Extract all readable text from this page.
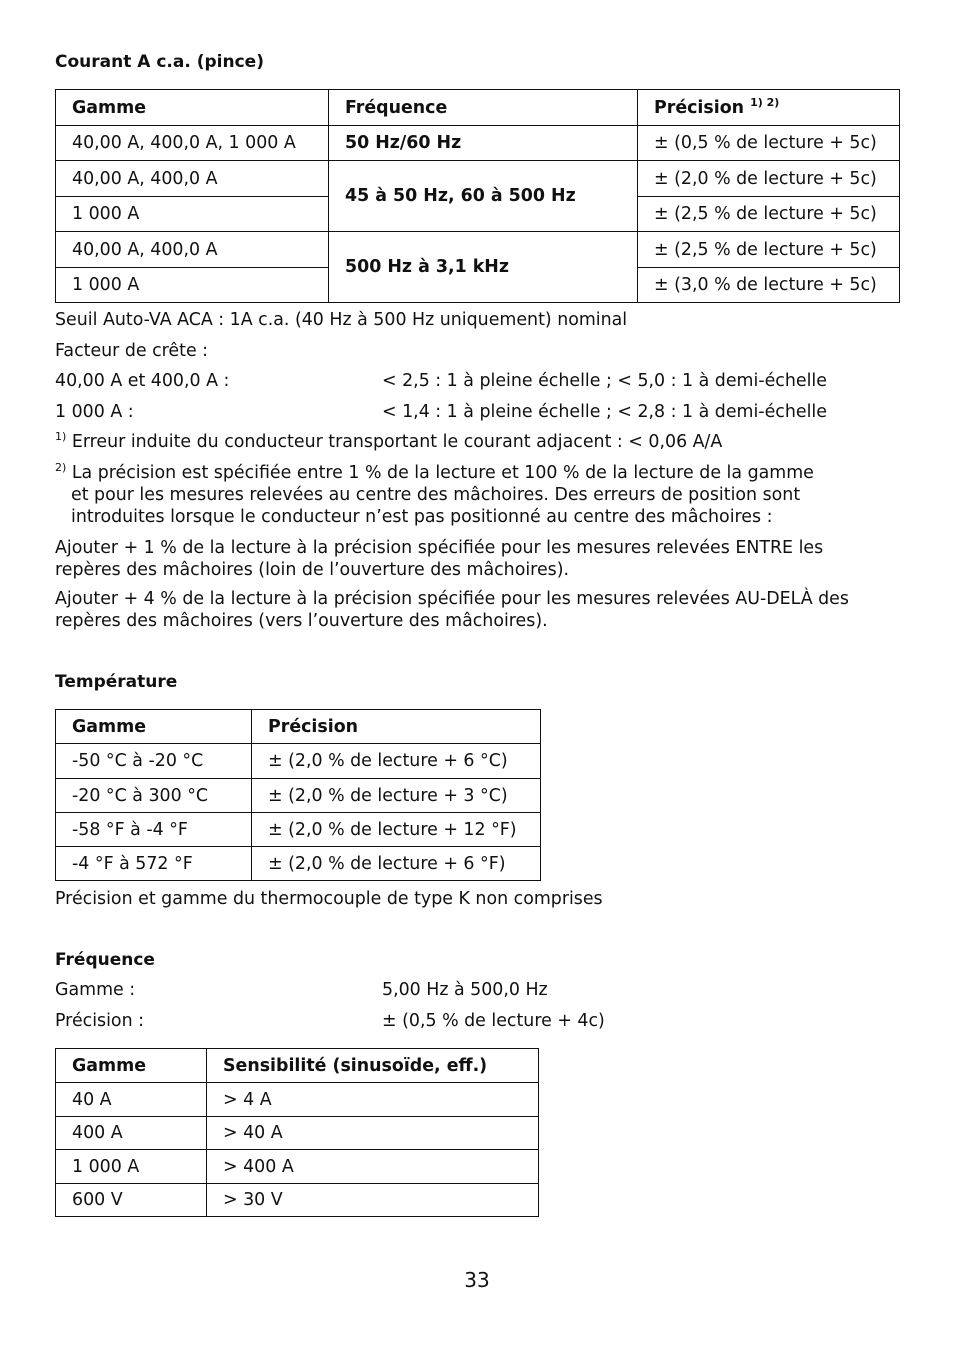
Courant A c.a. (pince)
Gamme	Fréquence	Précision $^{1) 2)}$
40,00 A, 400,0 A, 1 000 A	50 Hz/60 Hz	± (0,5 % de lecture + 5c)
40,00 A, 400,0 A	45 à 50 Hz, 60 à 500 Hz	± (2,0 % de lecture + 5c)
1 000 A		± (2,5 % de lecture + 5c)
40,00 A, 400,0 A	500 Hz à 3,1 kHz	± (2,5 % de lecture + 5c)
1 000 A		± (3,0 % de lecture + 5c)
Seuil Auto-VA ACA : 1A c.a. (40 Hz à 500 Hz uniquement) nominal
Facteur de crête :
40,00 A et 400,0 A :	< 2,5 : 1 à pleine échelle ; < 5,0 : 1 à demi-échelle
1 000 A :	< 1,4 : 1 à pleine échelle ; < 2,8 : 1 à demi-échelle
$^{1)}$ Erreur induite du conducteur transportant le courant adjacent : < 0,06 A/A
$^{2)}$ La précision est spécifiée entre 1 % de la lecture et 100 % de la lecture de la gamme
et pour les mesures relevées au centre des mâchoires. Des erreurs de position sont
introduites lorsque le conducteur n’est pas positionné au centre des mâchoires :
Ajouter + 1 % de la lecture à la précision spécifiée pour les mesures relevées ENTRE les
repères des mâchoires (loin de l’ouverture des mâchoires).
Ajouter + 4 % de la lecture à la précision spécifiée pour les mesures relevées AU-DELÀ des
repères des mâchoires (vers l’ouverture des mâchoires).
Température
Gamme	Précision
-50 °C à -20 °C	± (2,0 % de lecture + 6 °C)
-20 °C à 300 °C	± (2,0 % de lecture + 3 °C)
-58 °F à -4 °F	± (2,0 % de lecture + 12 °F)
-4 °F à 572 °F	± (2,0 % de lecture + 6 °F)
Précision et gamme du thermocouple de type K non comprises
Fréquence
Gamme :	5,00 Hz à 500,0 Hz
Précision :	± (0,5 % de lecture + 4c)
Gamme	Sensibilité (sinusoïde, eff.)
40 A	> 4 A
400 A	> 40 A
1 000 A	> 400 A
600 V	> 30 V
33
